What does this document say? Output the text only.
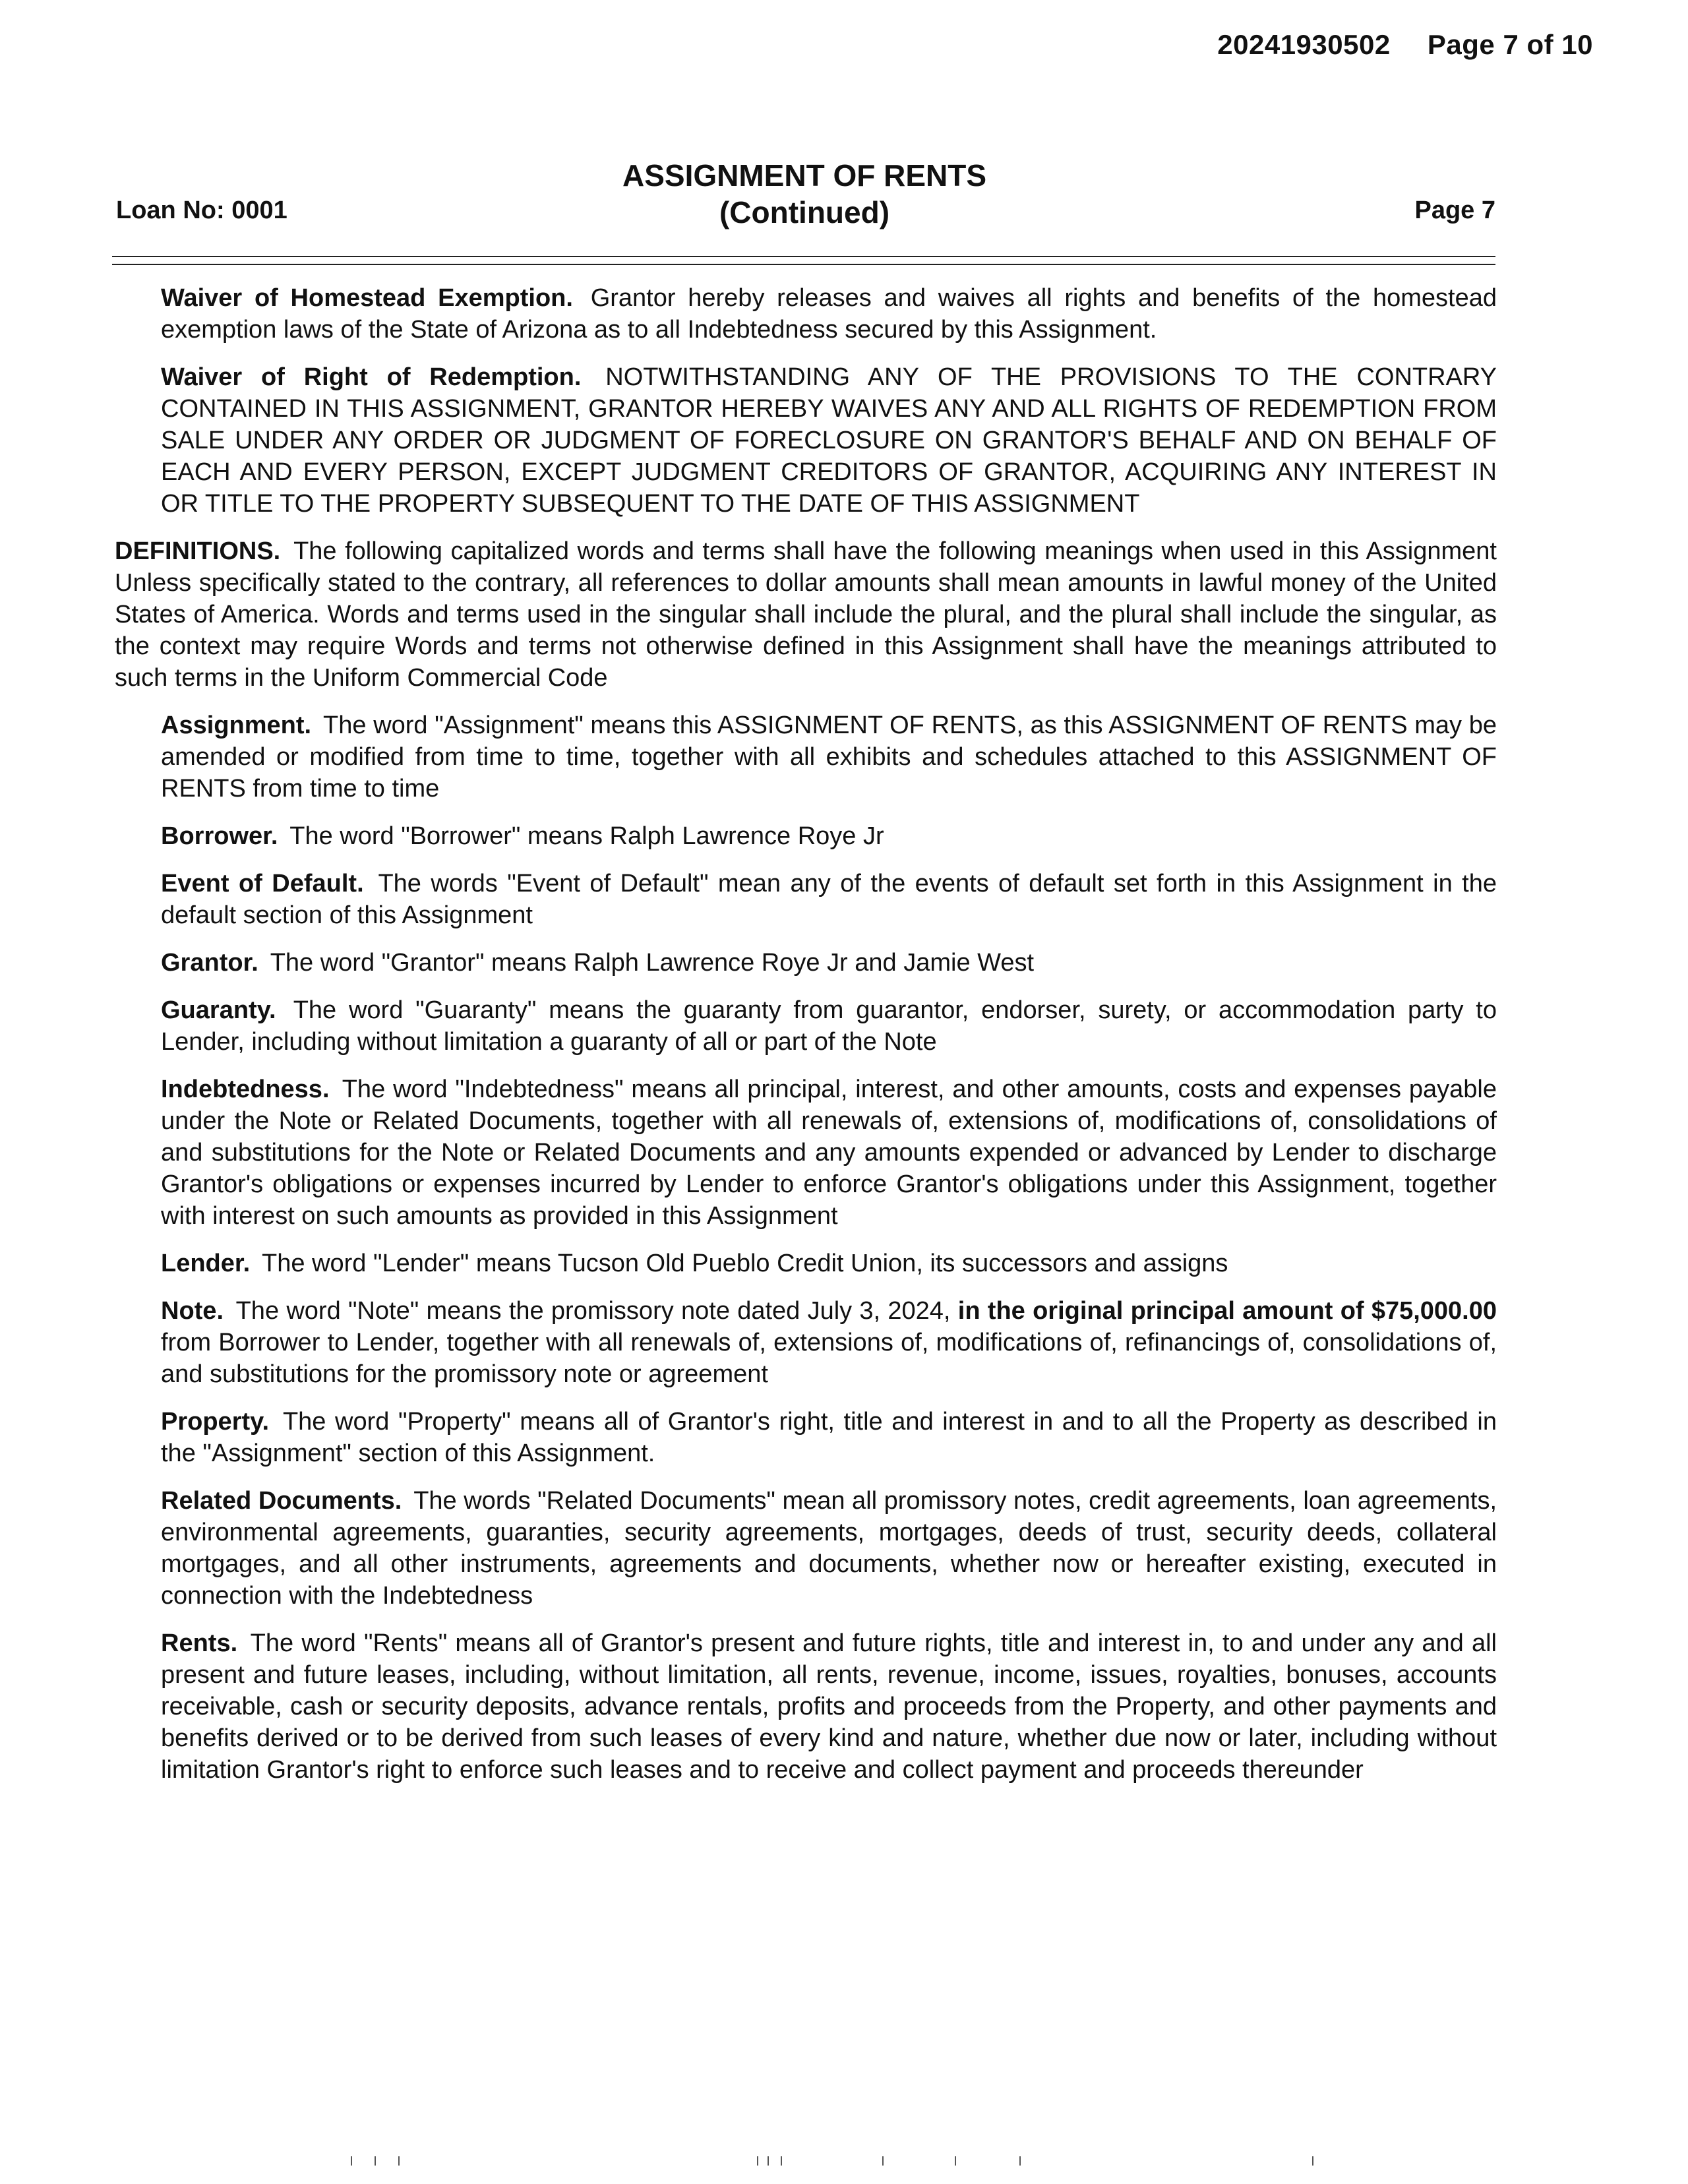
20241930502 Page 7 of 10
ASSIGNMENT OF RENTS
(Continued)
Loan No: 0001	Page 7

Waiver of Homestead Exemption. Grantor hereby releases and waives all rights and benefits of the homestead exemption laws of the State of Arizona as to all Indebtedness secured by this Assignment.

Waiver of Right of Redemption. NOTWITHSTANDING ANY OF THE PROVISIONS TO THE CONTRARY CONTAINED IN THIS ASSIGNMENT, GRANTOR HEREBY WAIVES ANY AND ALL RIGHTS OF REDEMPTION FROM SALE UNDER ANY ORDER OR JUDGMENT OF FORECLOSURE ON GRANTOR'S BEHALF AND ON BEHALF OF EACH AND EVERY PERSON, EXCEPT JUDGMENT CREDITORS OF GRANTOR, ACQUIRING ANY INTEREST IN OR TITLE TO THE PROPERTY SUBSEQUENT TO THE DATE OF THIS ASSIGNMENT

DEFINITIONS. The following capitalized words and terms shall have the following meanings when used in this Assignment Unless specifically stated to the contrary, all references to dollar amounts shall mean amounts in lawful money of the United States of America. Words and terms used in the singular shall include the plural, and the plural shall include the singular, as the context may require Words and terms not otherwise defined in this Assignment shall have the meanings attributed to such terms in the Uniform Commercial Code

Assignment. The word "Assignment" means this ASSIGNMENT OF RENTS, as this ASSIGNMENT OF RENTS may be amended or modified from time to time, together with all exhibits and schedules attached to this ASSIGNMENT OF RENTS from time to time

Borrower. The word "Borrower" means Ralph Lawrence Roye Jr

Event of Default. The words "Event of Default" mean any of the events of default set forth in this Assignment in the default section of this Assignment

Grantor. The word "Grantor" means Ralph Lawrence Roye Jr and Jamie West

Guaranty. The word "Guaranty" means the guaranty from guarantor, endorser, surety, or accommodation party to Lender, including without limitation a guaranty of all or part of the Note

Indebtedness. The word "Indebtedness" means all principal, interest, and other amounts, costs and expenses payable under the Note or Related Documents, together with all renewals of, extensions of, modifications of, consolidations of and substitutions for the Note or Related Documents and any amounts expended or advanced by Lender to discharge Grantor's obligations or expenses incurred by Lender to enforce Grantor's obligations under this Assignment, together with interest on such amounts as provided in this Assignment

Lender. The word "Lender" means Tucson Old Pueblo Credit Union, its successors and assigns

Note. The word "Note" means the promissory note dated July 3, 2024, in the original principal amount of $75,000.00 from Borrower to Lender, together with all renewals of, extensions of, modifications of, refinancings of, consolidations of, and substitutions for the promissory note or agreement

Property. The word "Property" means all of Grantor's right, title and interest in and to all the Property as described in the "Assignment" section of this Assignment.

Related Documents. The words "Related Documents" mean all promissory notes, credit agreements, loan agreements, environmental agreements, guaranties, security agreements, mortgages, deeds of trust, security deeds, collateral mortgages, and all other instruments, agreements and documents, whether now or hereafter existing, executed in connection with the Indebtedness

Rents. The word "Rents" means all of Grantor's present and future rights, title and interest in, to and under any and all present and future leases, including, without limitation, all rents, revenue, income, issues, royalties, bonuses, accounts receivable, cash or security deposits, advance rentals, profits and proceeds from the Property, and other payments and benefits derived or to be derived from such leases of every kind and nature, whether due now or later, including without limitation Grantor's right to enforce such leases and to receive and collect payment and proceeds thereunder
